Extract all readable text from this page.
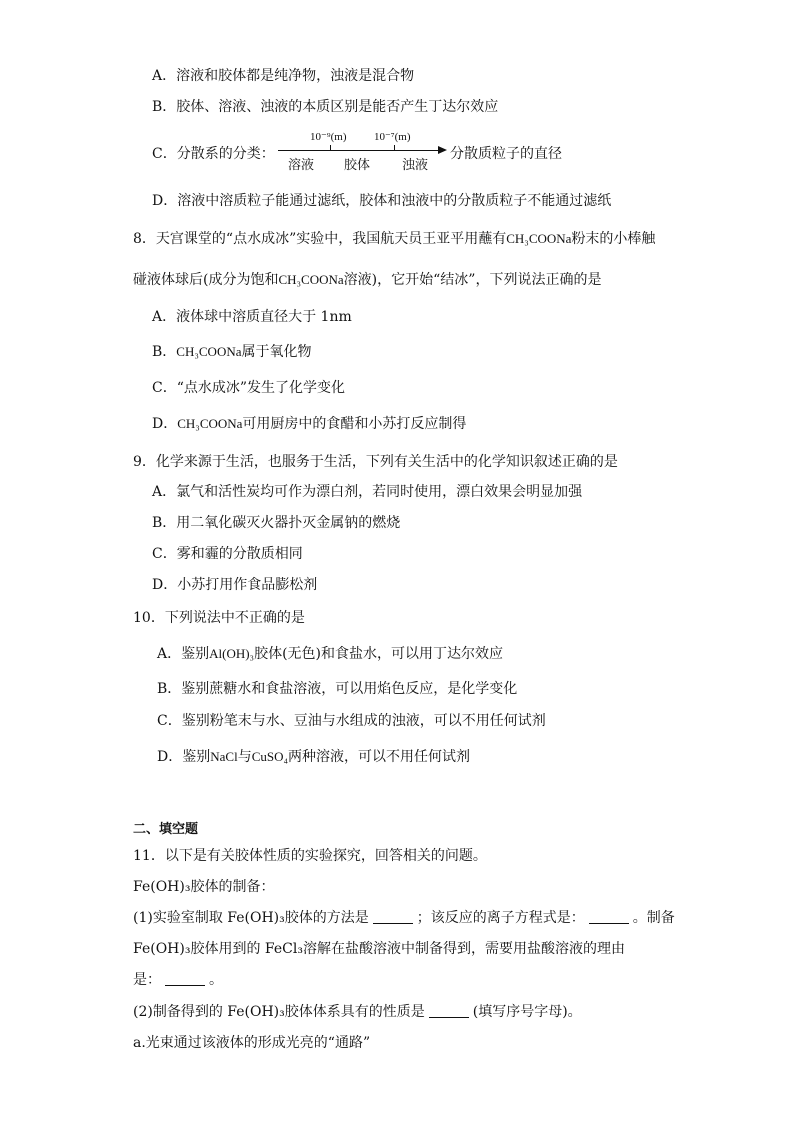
A．溶液和胶体都是纯净物，浊液是混合物
B．胶体、溶液、浊液的本质区别是能否产生丁达尔效应
C．分散系的分类：
10⁻⁹(m) 10⁻⁷(m)
溶液 胶体 浊液
分散质粒子的直径
D．溶液中溶质粒子能通过滤纸，胶体和浊液中的分散质粒子不能通过滤纸
8．天宫课堂的“点水成冰”实验中，我国航天员王亚平用蘸有CH₃COONa粉末的小棒触
碰液体球后(成分为饱和CH₃COONa溶液)，它开始“结冰”，下列说法正确的是
A．液体球中溶质直径大于 1nm
B．CH₃COONa属于氧化物
C．“点水成冰”发生了化学变化
D．CH₃COONa可用厨房中的食醋和小苏打反应制得
9．化学来源于生活，也服务于生活，下列有关生活中的化学知识叙述正确的是
A．氯气和活性炭均可作为漂白剂，若同时使用，漂白效果会明显加强
B．用二氧化碳灭火器扑灭金属钠的燃烧
C．雾和霾的分散质相同
D．小苏打用作食品膨松剂
10．下列说法中不正确的是
A．鉴别Al(OH)₃胶体(无色)和食盐水，可以用丁达尔效应
B．鉴别蔗糖水和食盐溶液，可以用焰色反应，是化学变化
C．鉴别粉笔末与水、豆油与水组成的浊液，可以不用任何试剂
D．鉴别NaCl与CuSO₄两种溶液，可以不用任何试剂
二、填空题
11．以下是有关胶体性质的实验探究，回答相关的问题。
Fe(OH)₃胶体的制备：
(1)实验室制取 Fe(OH)₃胶体的方法是	；该反应的离子方程式是：	。制备
Fe(OH)₃胶体用到的 FeCl₃溶解在盐酸溶液中制备得到，需要用盐酸溶液的理由
是：	。
(2)制备得到的 Fe(OH)₃胶体体系具有的性质是	(填写序号字母)。
a.光束通过该液体的形成光亮的“通路”
